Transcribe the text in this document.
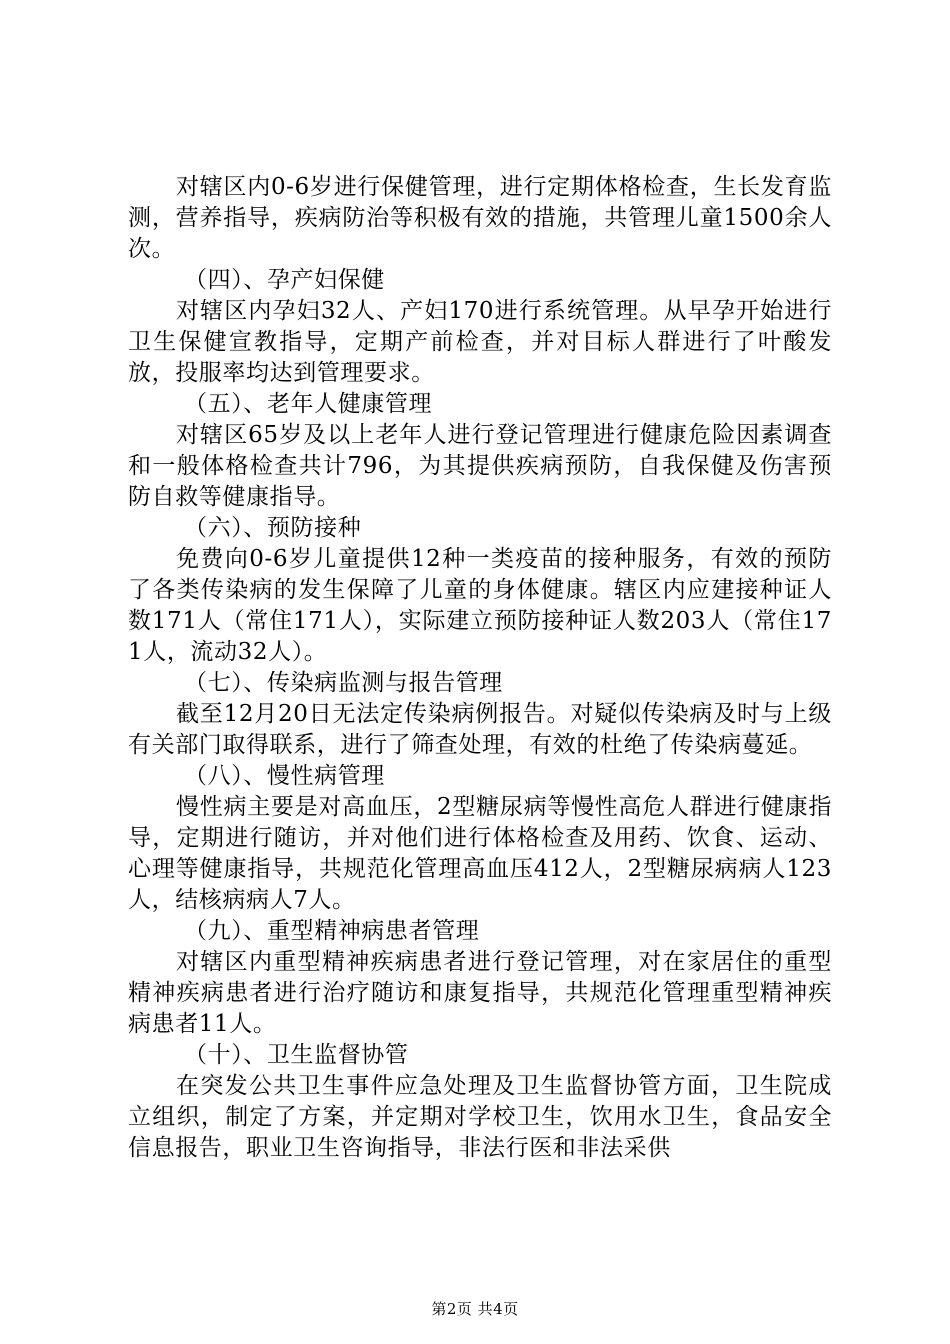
对辖区内0-6岁进行保健管理，进行定期体格检查，生长发育监测，营养指导，疾病防治等积极有效的措施，共管理儿童1500余人次。

（四）、孕产妇保健

对辖区内孕妇32人、产妇170进行系统管理。从早孕开始进行卫生保健宣教指导，定期产前检查，并对目标人群进行了叶酸发放，投服率均达到管理要求。

（五）、老年人健康管理

对辖区65岁及以上老年人进行登记管理进行健康危险因素调查和一般体格检查共计796，为其提供疾病预防，自我保健及伤害预防自救等健康指导。

（六）、预防接种

免费向0-6岁儿童提供12种一类疫苗的接种服务，有效的预防了各类传染病的发生保障了儿童的身体健康。辖区内应建接种证人数171人（常住171人），实际建立预防接种证人数203人（常住171人，流动32人）。

（七）、传染病监测与报告管理

截至12月20日无法定传染病例报告。对疑似传染病及时与上级有关部门取得联系，进行了筛查处理，有效的杜绝了传染病蔓延。

（八）、慢性病管理

慢性病主要是对高血压，2型糖尿病等慢性高危人群进行健康指导，定期进行随访，并对他们进行体格检查及用药、饮食、运动、心理等健康指导，共规范化管理高血压412人，2型糖尿病病人123人，结核病病人7人。

（九）、重型精神病患者管理

对辖区内重型精神疾病患者进行登记管理，对在家居住的重型精神疾病患者进行治疗随访和康复指导，共规范化管理重型精神疾病患者11人。

（十）、卫生监督协管

在突发公共卫生事件应急处理及卫生监督协管方面，卫生院成立组织，制定了方案，并定期对学校卫生，饮用水卫生，食品安全信息报告，职业卫生咨询指导，非法行医和非法采供

第2页 共4页
